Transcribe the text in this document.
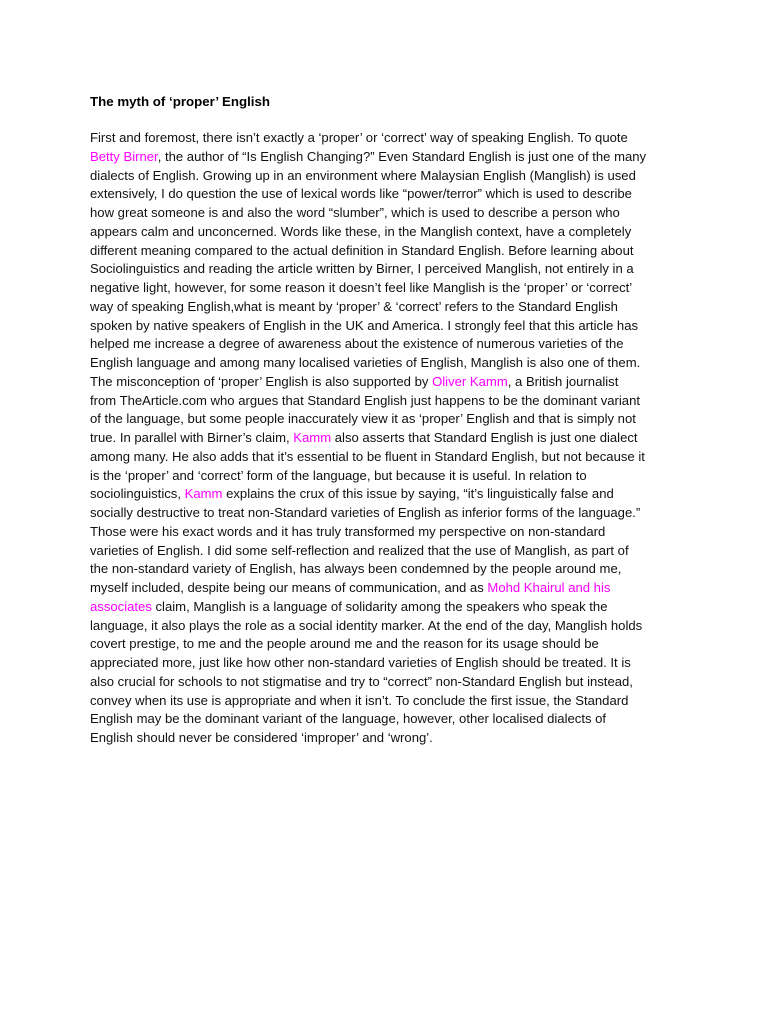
The myth of ‘proper’ English
First and foremost, there isn’t exactly a ‘proper’ or ‘correct’ way of speaking English. To quote
Betty Birner, the author of “Is English Changing?” Even Standard English is just one of the many
dialects of English. Growing up in an environment where Malaysian English (Manglish) is used
extensively, I do question the use of lexical words like “power/terror” which is used to describe
how great someone is and also the word “slumber”, which is used to describe a person who
appears calm and unconcerned. Words like these, in the Manglish context, have a completely
different meaning compared to the actual definition in Standard English. Before learning about
Sociolinguistics and reading the article written by Birner, I perceived Manglish, not entirely in a
negative light, however, for some reason it doesn’t feel like Manglish is the ‘proper’ or ‘correct’
way of speaking English,what is meant by ‘proper’ & ‘correct’ refers to the Standard English
spoken by native speakers of English in the UK and America. I strongly feel that this article has
helped me increase a degree of awareness about the existence of numerous varieties of the
English language and among many localised varieties of English, Manglish is also one of them.
The misconception of ‘proper’ English is also supported by Oliver Kamm, a British journalist
from TheArticle.com who argues that Standard English just happens to be the dominant variant
of the language, but some people inaccurately view it as ‘proper’ English and that is simply not
true. In parallel with Birner’s claim, Kamm also asserts that Standard English is just one dialect
among many. He also adds that it’s essential to be fluent in Standard English, but not because it
is the ‘proper’ and ‘correct’ form of the language, but because it is useful. In relation to
sociolinguistics, Kamm explains the crux of this issue by saying, “it’s linguistically false and
socially destructive to treat non-Standard varieties of English as inferior forms of the language.”
Those were his exact words and it has truly transformed my perspective on non-standard
varieties of English. I did some self-reflection and realized that the use of Manglish, as part of
the non-standard variety of English, has always been condemned by the people around me,
myself included, despite being our means of communication, and as Mohd Khairul and his
associates claim, Manglish is a language of solidarity among the speakers who speak the
language, it also plays the role as a social identity marker. At the end of the day, Manglish holds
covert prestige, to me and the people around me and the reason for its usage should be
appreciated more, just like how other non-standard varieties of English should be treated. It is
also crucial for schools to not stigmatise and try to “correct” non-Standard English but instead,
convey when its use is appropriate and when it isn’t. To conclude the first issue, the Standard
English may be the dominant variant of the language, however, other localised dialects of
English should never be considered ‘improper’ and ‘wrong’.
